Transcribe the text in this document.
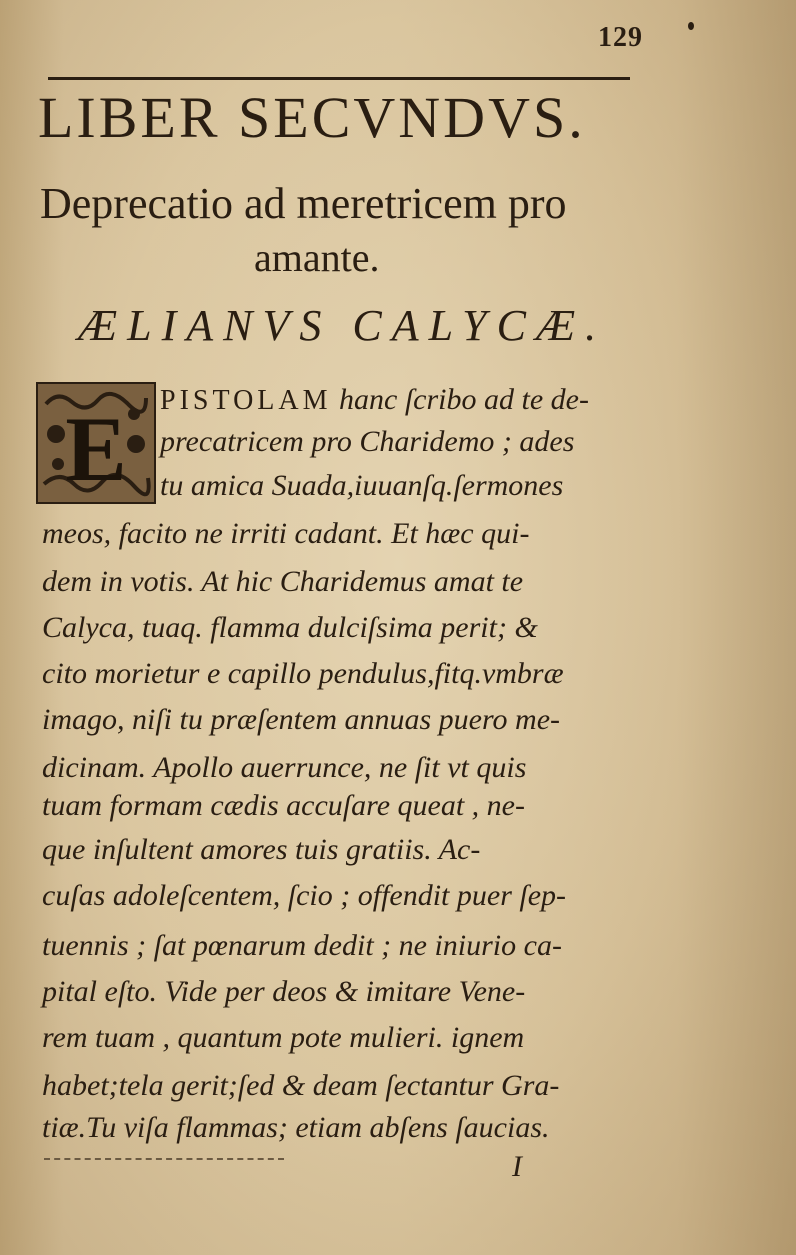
129
LIBER SECVNDVS.
Deprecatio ad meretricem pro
amante.
ÆLIANVS CALYCÆ.
E PISTOLAM hanc ſcribo ad te de-
precatricem pro Charidemo ; ades
tu amica Suada,iuuanſq.ſermones
meos, facito ne irriti cadant. Et hæc qui-
dem in votis. At hic Charidemus amat te
Calyca, tuaq. flamma dulciſsima perit; &
cito morietur e capillo pendulus,fitq.vmbræ
imago, niſi tu præſentem annuas puero me-
dicinam. Apollo auerrunce, ne ſit vt quis
tuam formam cædis accuſare queat , ne-
que inſultent amores tuis gratiis. Ac-
cuſas adoleſcentem, ſcio ; offendit puer ſep-
tuennis ; ſat pœnarum dedit ; ne iniurio ca-
pital eſto. Vide per deos & imitare Vene-
rem tuam , quantum pote mulieri. ignem
habet;tela gerit;ſed & deam ſectantur Gra-
tiæ.Tu viſa flammas; etiam abſens ſaucias.
I
